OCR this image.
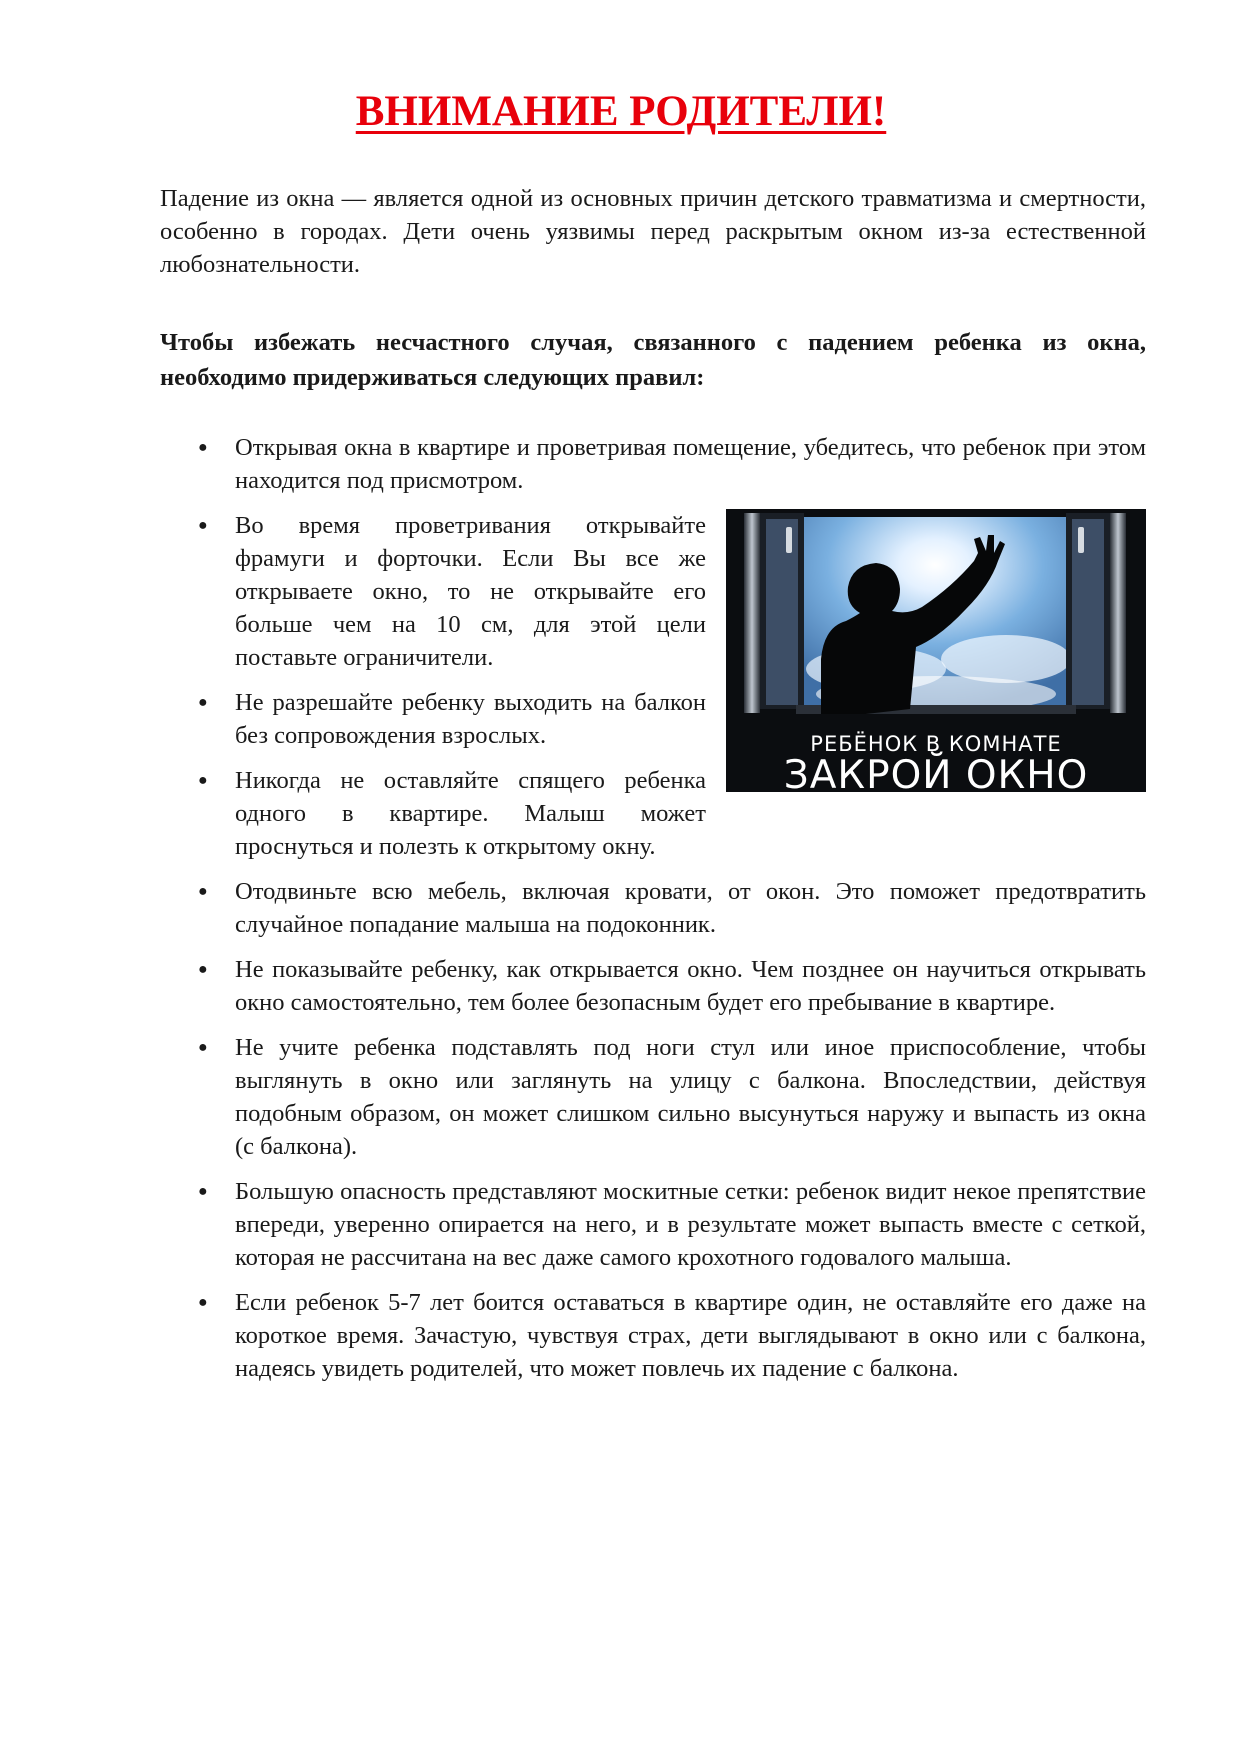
ВНИМАНИЕ РОДИТЕЛИ!

Падение из окна — является одной из основных причин детского травматизма и смертности, особенно в городах. Дети очень уязвимы перед раскрытым окном из-за естественной любознательности.

Чтобы избежать несчастного случая, связанного с падением ребенка из окна, необходимо придерживаться следующих правил:

● Открывая окна в квартире и проветривая помещение, убедитесь, что ребенок при этом находится под присмотром.
●
РЕБЁНОК В КОМНАТЕ
ЗАКРОЙ ОКНО
Во время проветривания открывайте фрамуги и форточки. Если Вы все же открываете окно, то не открывайте его больше чем на 10 см, для этой цели поставьте ограничители.
● Не разрешайте ребенку выходить на балкон без сопровождения взрослых.
● Никогда не оставляйте спящего ребенка одного в квартире. Малыш может проснуться и полезть к открытому окну.
● Отодвиньте всю мебель, включая кровати, от окон. Это поможет предотвратить случайное попадание малыша на подоконник.
● Не показывайте ребенку, как открывается окно. Чем позднее он научиться открывать окно самостоятельно, тем более безопасным будет его пребывание в квартире.
● Не учите ребенка подставлять под ноги стул или иное приспособление, чтобы выглянуть в окно или заглянуть на улицу с балкона. Впоследствии, действуя подобным образом, он может слишком сильно высунуться наружу и выпасть из окна (с балкона).
● Большую опасность представляют москитные сетки: ребенок видит некое препятствие впереди, уверенно опирается на него, и в результате может выпасть вместе с сеткой, которая не рассчитана на вес даже самого крохотного годовалого малыша.
● Если ребенок 5-7 лет боится оставаться в квартире один, не оставляйте его даже на короткое время. Зачастую, чувствуя страх, дети выглядывают в окно или с балкона, надеясь увидеть родителей, что может повлечь их падение с балкона.
